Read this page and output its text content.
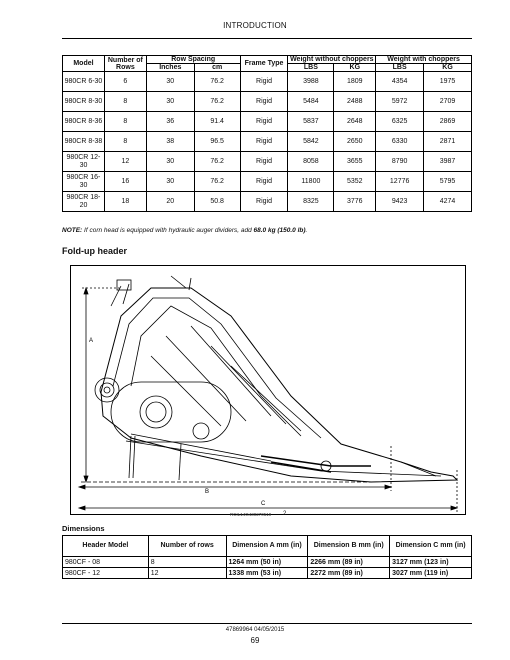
INTRODUCTION
Model	Number of Rows	Row Spacing		Frame Type	Weight without choppers		Weight with choppers	
		Inches	cm		LBS	KG	LBS	KG
980CR 6-30	6	30	76.2	Rigid	3988	1809	4354	1975
980CR 8-30	8	30	76.2	Rigid	5484	2488	5972	2709
980CR 8-36	8	36	91.4	Rigid	5837	2648	6325	2869
980CR 8-38	8	38	96.5	Rigid	5842	2650	6330	2871
980CR 12-30	12	30	76.2	Rigid	8058	3655	8790	3987
980CR 16-30	16	30	76.2	Rigid	11800	5352	12776	5795
980CR 18-20	18	20	50.8	Rigid	8325	3776	9423	4274
NOTE: If corn head is equipped with hydraulic auger dividers, add 68.0 kg (150.0 lb).
Fold-up header
A
B
C
RCIL14G430270519 2
Dimensions
Header Model	Number of rows	Dimension A mm (in)	Dimension B mm (in)	Dimension C mm (in)
980CF - 08	8	1264 mm (50 in)	2266 mm (89 in)	3127 mm (123 in)
980CF - 12	12	1338 mm (53 in)	2272 mm (89 in)	3027 mm (119 in)
47869964 04/05/2015
69
